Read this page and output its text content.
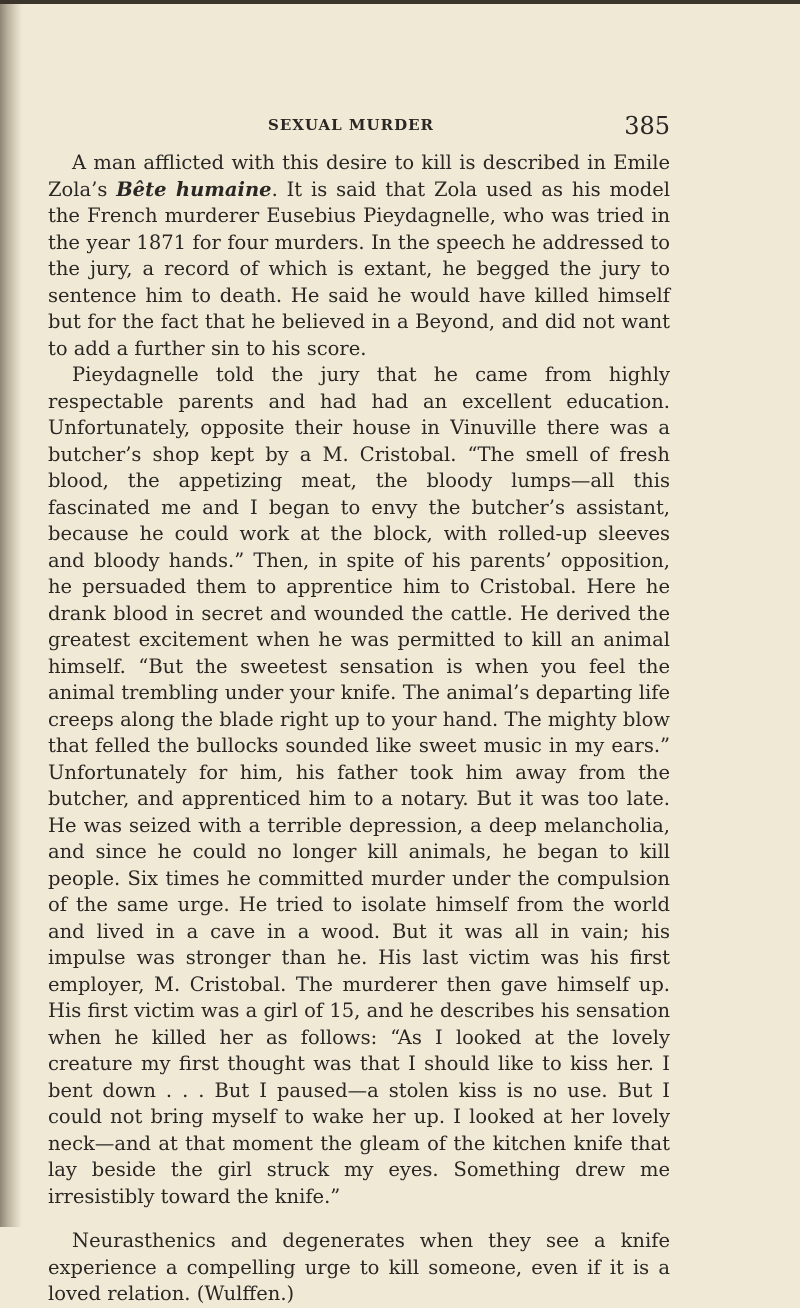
SEXUAL MURDER	385

A man afflicted with this desire to kill is described in Emile Zola’s Bête humaine. It is said that Zola used as his model the French murderer Eusebius Pieydagnelle, who was tried in the year 1871 for four murders. In the speech he addressed to the jury, a record of which is extant, he begged the jury to sentence him to death. He said he would have killed himself but for the fact that he believed in a Beyond, and did not want to add a further sin to his score.

Pieydagnelle told the jury that he came from highly respectable parents and had had an excellent education. Unfortunately, opposite their house in Vinuville there was a butcher’s shop kept by a M. Cristobal. “The smell of fresh blood, the appetizing meat, the bloody lumps—all this fascinated me and I began to envy the butcher’s assistant, because he could work at the block, with rolled-up sleeves and bloody hands.” Then, in spite of his parents’ opposition, he persuaded them to apprentice him to Cristobal. Here he drank blood in secret and wounded the cattle. He derived the greatest excitement when he was permitted to kill an animal himself. “But the sweetest sensation is when you feel the animal trembling under your knife. The animal’s departing life creeps along the blade right up to your hand. The mighty blow that felled the bullocks sounded like sweet music in my ears.” Unfortunately for him, his father took him away from the butcher, and apprenticed him to a notary. But it was too late. He was seized with a terrible depression, a deep melancholia, and since he could no longer kill animals, he began to kill people. Six times he committed murder under the compulsion of the same urge. He tried to isolate himself from the world and lived in a cave in a wood. But it was all in vain; his impulse was stronger than he. His last victim was his first employer, M. Cristobal. The murderer then gave himself up. His first victim was a girl of 15, and he describes his sensation when he killed her as follows: “As I looked at the lovely creature my first thought was that I should like to kiss her. I bent down . . . But I paused—a stolen kiss is no use. But I could not bring myself to wake her up. I looked at her lovely neck—and at that moment the gleam of the kitchen knife that lay beside the girl struck my eyes. Something drew me irresistibly toward the knife.”

Neurasthenics and degenerates when they see a knife experience a compelling urge to kill someone, even if it is a loved relation. (Wulffen.)
